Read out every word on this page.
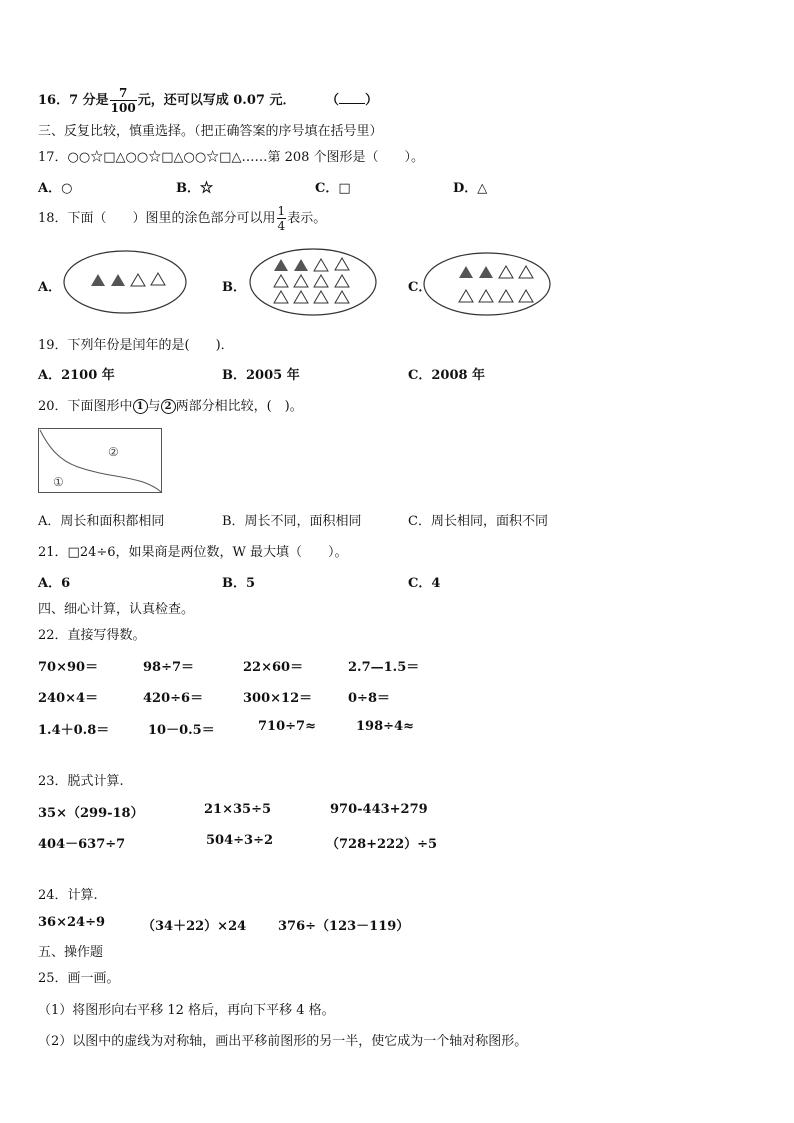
16．7 分是 $\frac{7}{100}$ 元，还可以写成 0.07 元． （ ）
三、反复比较，慎重选择。（把正确答案的序号填在括号里）
17．○○☆□△○○☆□△○○☆□△……第 208 个图形是（　　）。
A．○	B．☆	C．□	D．△
18．下面（　　）图里的涂色部分可以用 $\frac{1}{4}$ 表示。
A．	B．	C．
19．下列年份是闰年的是(　　)．
A．2100 年	B．2005 年	C．2008 年
20．下面图形中 1 与 2 两部分相比较，(　)。
②
①
A．周长和面积都相同	B．周长不同，面积相同	C．周长相同，面积不同
21．□24÷6，如果商是两位数，W 最大填（　　）。
A．6	B．5	C．4
四、细心计算，认真检查。
22．直接写得数。
70×90＝	98÷7＝	22×60＝	2.7—1.5＝
240×4＝	420÷6＝	300×12＝	0÷8＝
1.4＋0.8＝	10－0.5＝	710÷7≈	198÷4≈
23．脱式计算.
35×（299-18）	21×35÷5	970-443+279
404－637÷7	504÷3÷2	（728+222）÷5
24．计算.
36×24÷9	（34＋22）×24 376÷（123－119）
五、操作题
25．画一画。
（1）将图形向右平移 12 格后，再向下平移 4 格。
（2）以图中的虚线为对称轴，画出平移前图形的另一半，使它成为一个轴对称图形。
